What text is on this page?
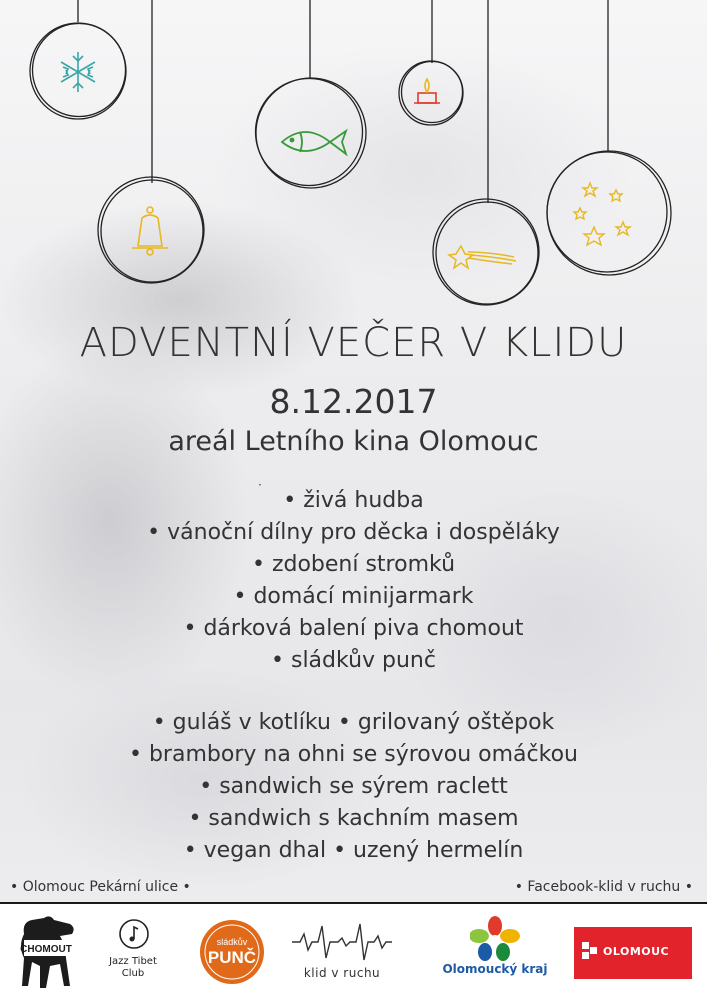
ADVENTNÍ VEČER V KLIDU
8.12.2017
areál Letního kina Olomouc
·
• živá hudba
• vánoční dílny pro děcka i dospěláky
• zdobení stromků
• domácí minijarmark
• dárková balení piva chomout
• sládkův punč
• guláš v kotlíku • grilovaný oštěpok
• brambory na ohni se sýrovou omáčkou
• sandwich se sýrem raclett
• sandwich s kachním masem
• vegan dhal • uzený hermelín
• Olomouc Pekární ulice •	• Facebook-klid v ruchu •
CHOMOUT
Jazz Tibet Club
sládkův
PUNČ
klid v ruchu	Olomoucký kraj
OLOMOUC
